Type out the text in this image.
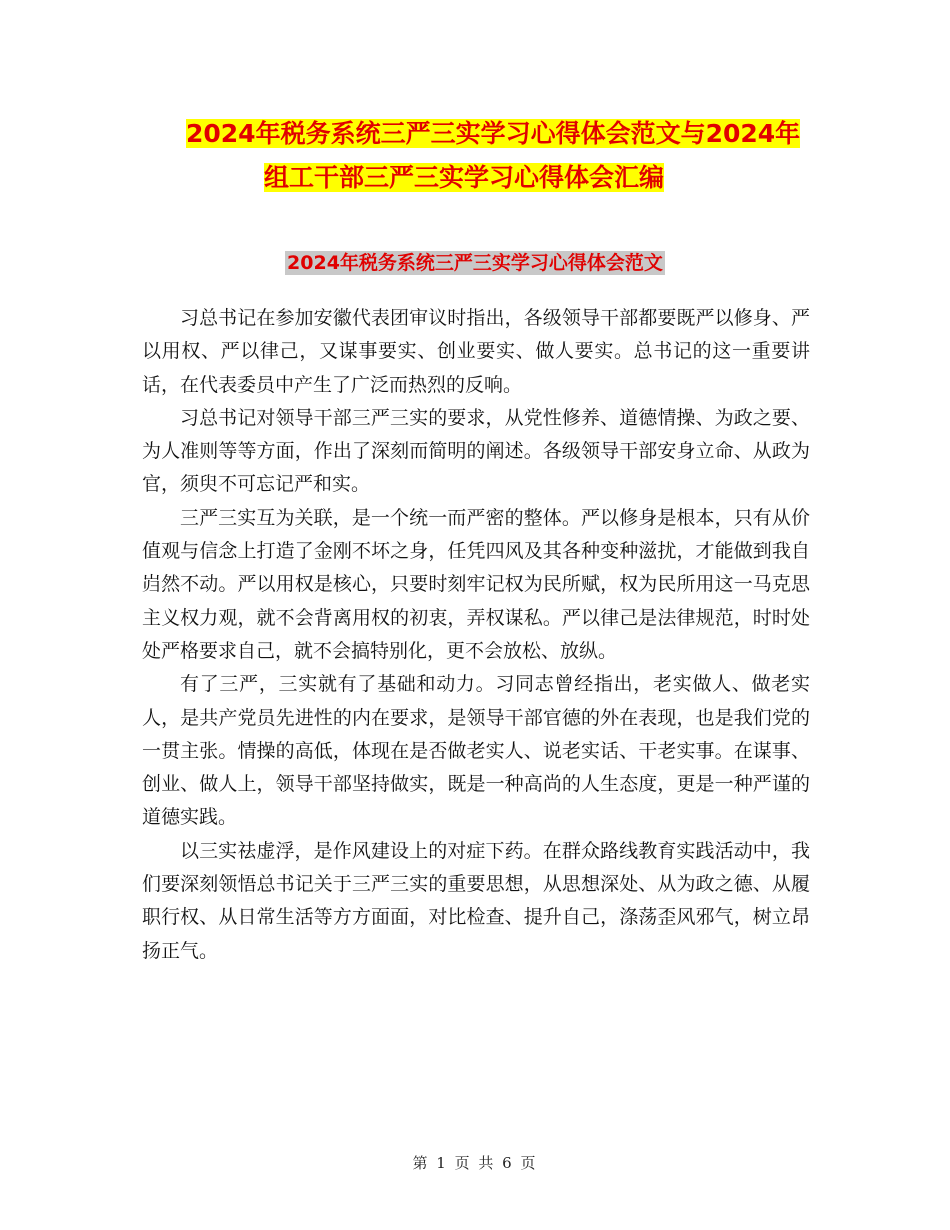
2024年税务系统三严三实学习心得体会范文与2024年
组工干部三严三实学习心得体会汇编
2024年税务系统三严三实学习心得体会范文

习总书记在参加安徽代表团审议时指出，各级领导干部都要既严以修身、严以用权、严以律己，又谋事要实、创业要实、做人要实。总书记的这一重要讲话，在代表委员中产生了广泛而热烈的反响。

习总书记对领导干部三严三实的要求，从党性修养、道德情操、为政之要、为人准则等等方面，作出了深刻而简明的阐述。各级领导干部安身立命、从政为官，须臾不可忘记严和实。

三严三实互为关联，是一个统一而严密的整体。严以修身是根本，只有从价值观与信念上打造了金刚不坏之身，任凭四风及其各种变种滋扰，才能做到我自岿然不动。严以用权是核心，只要时刻牢记权为民所赋，权为民所用这一马克思主义权力观，就不会背离用权的初衷，弄权谋私。严以律己是法律规范，时时处处严格要求自己，就不会搞特别化，更不会放松、放纵。

有了三严，三实就有了基础和动力。习同志曾经指出，老实做人、做老实人，是共产党员先进性的内在要求，是领导干部官德的外在表现，也是我们党的一贯主张。情操的高低，体现在是否做老实人、说老实话、干老实事。在谋事、创业、做人上，领导干部坚持做实，既是一种高尚的人生态度，更是一种严谨的道德实践。

以三实祛虚浮，是作风建设上的对症下药。在群众路线教育实践活动中，我们要深刻领悟总书记关于三严三实的重要思想，从思想深处、从为政之德、从履职行权、从日常生活等方方面面，对比检查、提升自己，涤荡歪风邪气，树立昂扬正气。

第 1 页 共 6 页
